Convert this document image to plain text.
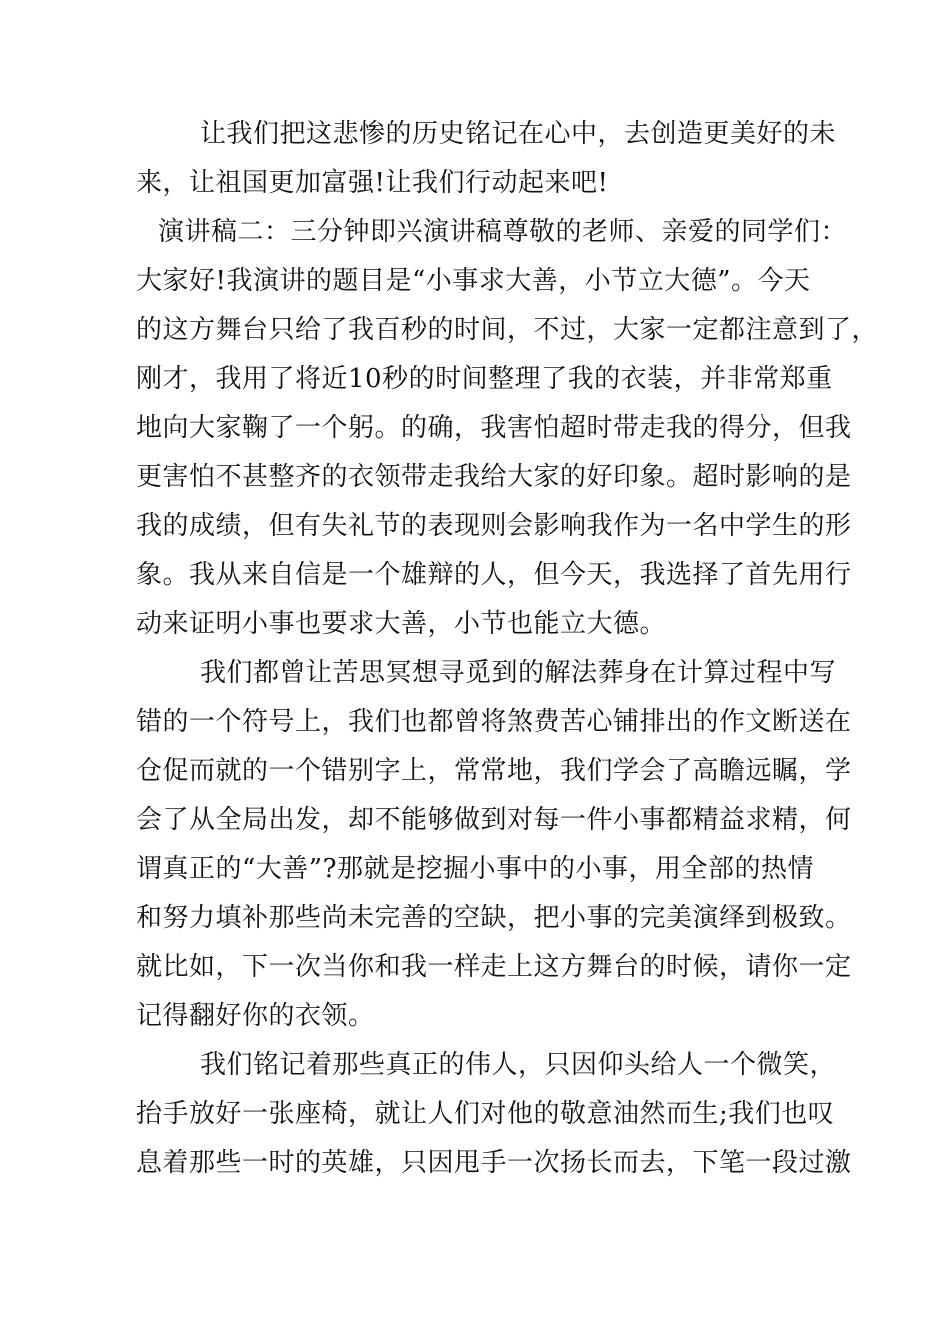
让我们把这悲惨的历史铭记在心中，去创造更美好的未
来，让祖国更加富强!让我们行动起来吧!
演讲稿二：三分钟即兴演讲稿尊敬的老师、亲爱的同学们：
大家好!我演讲的题目是“小事求大善，小节立大德”。今天
的这方舞台只给了我百秒的时间，不过，大家一定都注意到了，
刚才，我用了将近10秒的时间整理了我的衣装，并非常郑重
地向大家鞠了一个躬。的确，我害怕超时带走我的得分，但我
更害怕不甚整齐的衣领带走我给大家的好印象。超时影响的是
我的成绩，但有失礼节的表现则会影响我作为一名中学生的形
象。我从来自信是一个雄辩的人，但今天，我选择了首先用行
动来证明小事也要求大善，小节也能立大德。
我们都曾让苦思冥想寻觅到的解法葬身在计算过程中写
错的一个符号上，我们也都曾将煞费苦心铺排出的作文断送在
仓促而就的一个错别字上，常常地，我们学会了高瞻远瞩，学
会了从全局出发，却不能够做到对每一件小事都精益求精，何
谓真正的“大善”?那就是挖掘小事中的小事，用全部的热情
和努力填补那些尚未完善的空缺，把小事的完美演绎到极致。
就比如，下一次当你和我一样走上这方舞台的时候，请你一定
记得翻好你的衣领。
我们铭记着那些真正的伟人，只因仰头给人一个微笑，
抬手放好一张座椅，就让人们对他的敬意油然而生;我们也叹
息着那些一时的英雄，只因甩手一次扬长而去，下笔一段过激
